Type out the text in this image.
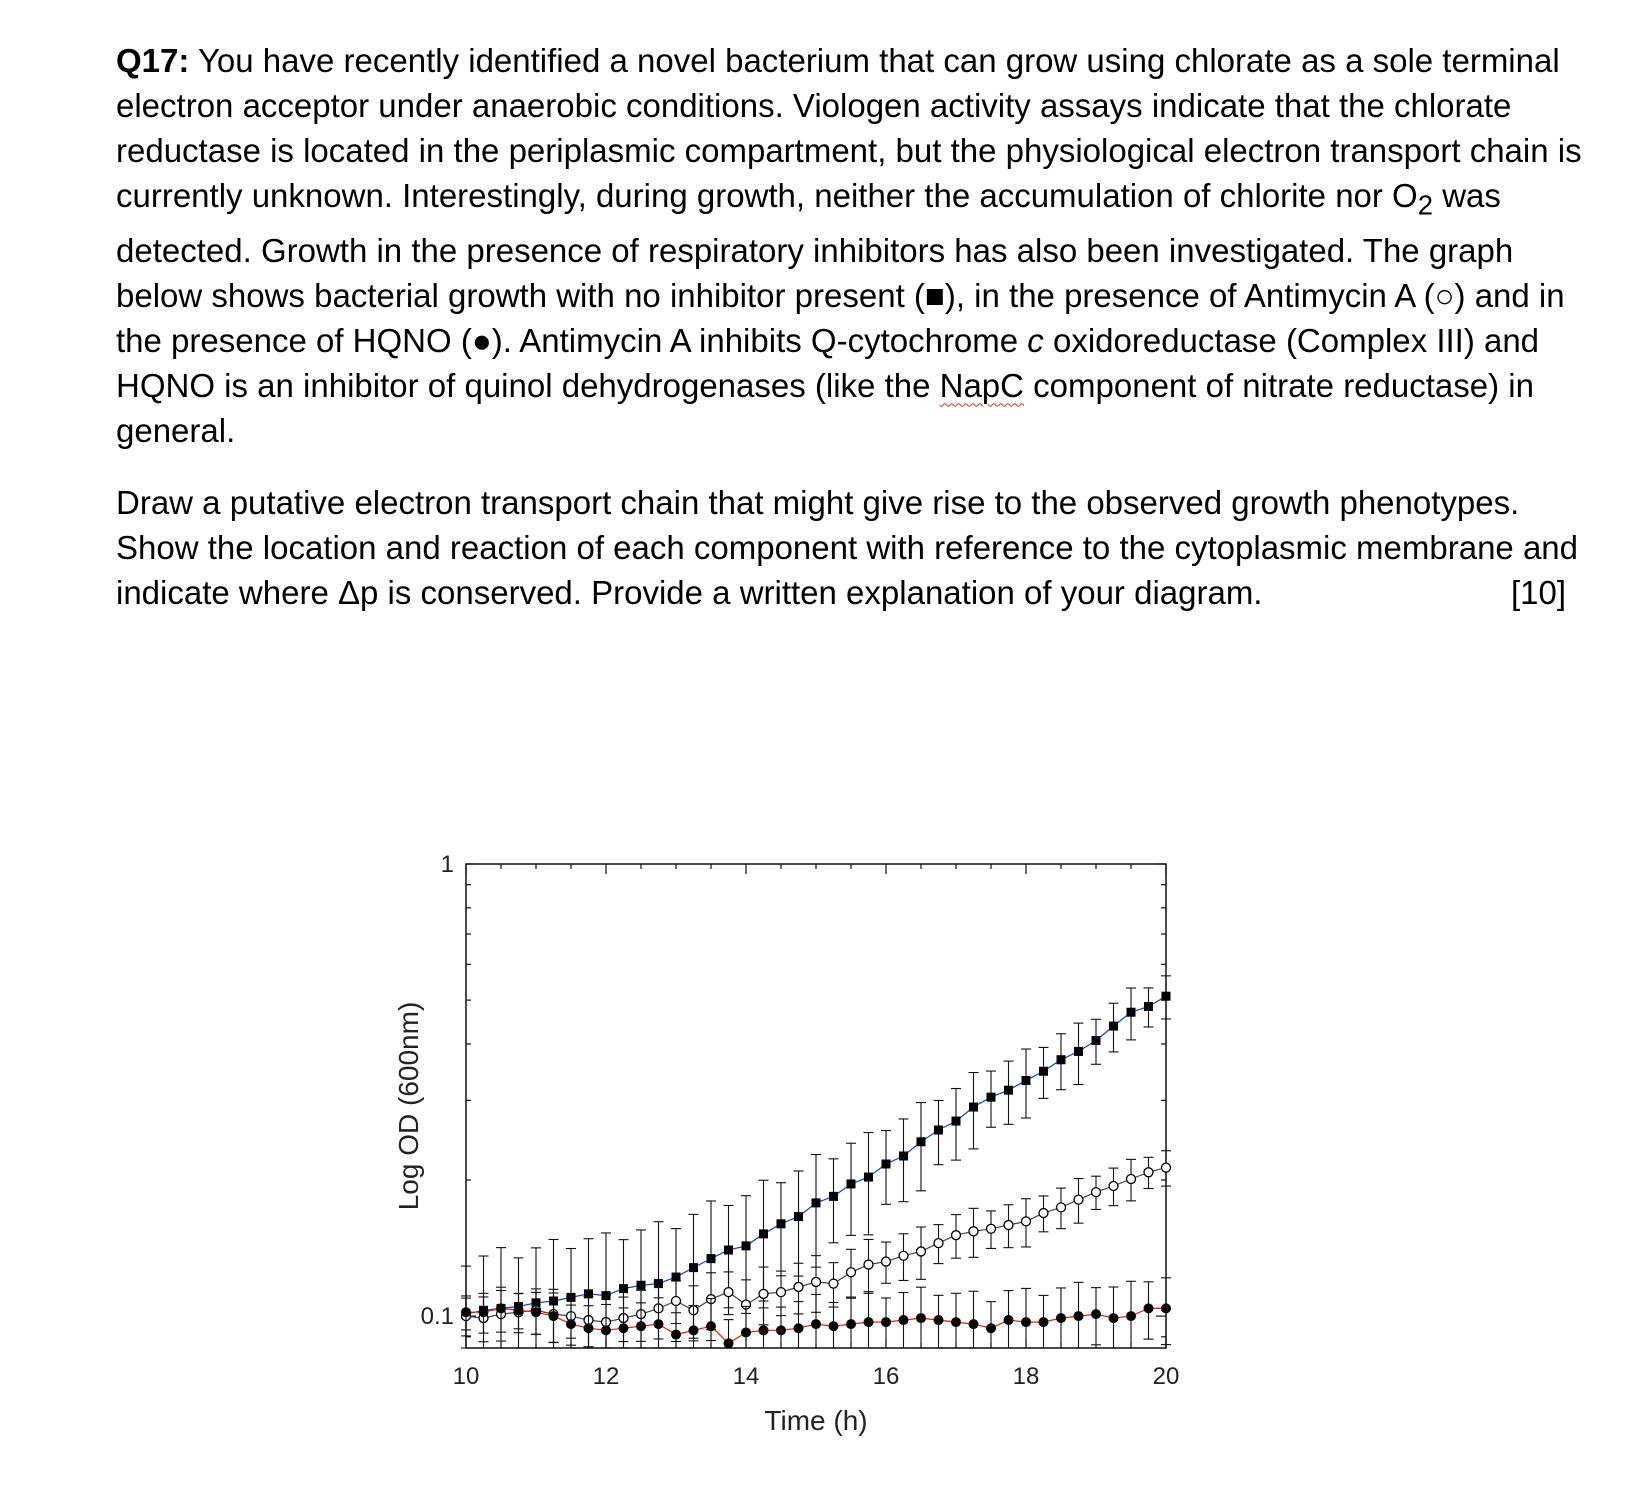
Q17: You have recently identified a novel bacterium that can grow using chlorate as a sole terminal electron acceptor under anaerobic conditions. Viologen activity assays indicate that the chlorate reductase is located in the periplasmic compartment, but the physiological electron transport chain is currently unknown. Interestingly, during growth, neither the accumulation of chlorite nor $O_2$ was detected. Growth in the presence of respiratory inhibitors has also been investigated. The graph below shows bacterial growth with no inhibitor present (■), in the presence of Antimycin A (○) and in the presence of HQNO (●). Antimycin A inhibits Q-cytochrome c oxidoreductase (Complex III) and HQNO is an inhibitor of quinol dehydrogenases (like the NapC component of nitrate reductase) in general.

Draw a putative electron transport chain that might give rise to the observed growth phenotypes. Show the location and reaction of each component with reference to the cytoplasmic membrane and indicate where Δp is conserved. Provide a written explanation of your diagram.	[10]

10	12	14	16	18	20
0.1
1
Time (h)
Log OD (600nm)
